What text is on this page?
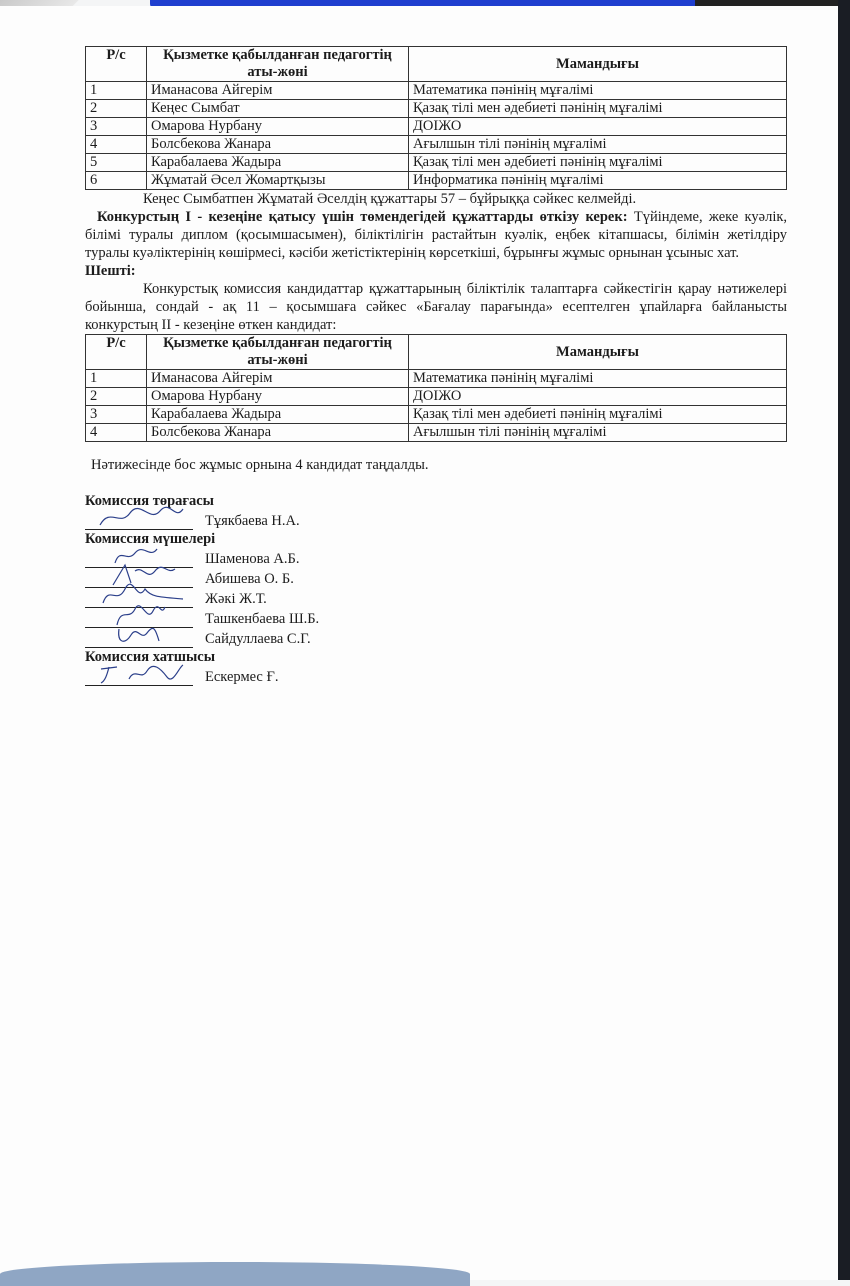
Р/с	Қызметке қабылданған педагогтің аты-жөні	Мамандығы
1	Иманасова Айгерім	Математика пәнінің мұғалімі
2	Кеңес Сымбат	Қазақ тілі мен әдебиеті пәнінің мұғалімі
3	Омарова Нурбану	ДОІЖО
4	Болсбекова Жанара	Ағылшын тілі пәнінің мұғалімі
5	Карабалаева Жадыра	Қазақ тілі мен әдебиеті пәнінің мұғалімі
6	Жұматай Әсел Жомартқызы	Информатика пәнінің мұғалімі

Кеңес Сымбатпен Жұматай Әселдің құжаттары 57 – бұйрыққа сәйкес келмейді.

Конкурстың І - кезеңіне қатысу үшін төмендегідей құжаттарды өткізу керек: Түйіндеме, жеке куәлік, білімі туралы диплом (қосымшасымен), біліктілігін растайтын куәлік, еңбек кітапшасы, білімін жетілдіру туралы куәліктерінің көшірмесі, кәсіби жетістіктерінің көрсеткіші, бұрынғы жұмыс орнынан ұсыныс хат.

Шешті:

Конкурстық комиссия кандидаттар құжаттарының біліктілік талаптарға сәйкестігін қарау нәтижелері бойынша, сондай - ақ 11 – қосымшаға сәйкес «Бағалау парағында» есептелген ұпайларға байланысты конкурстың ІІ - кезеңіне өткен кандидат:

Р/с	Қызметке қабылданған педагогтің аты-жөні	Мамандығы
1	Иманасова Айгерім	Математика пәнінің мұғалімі
2	Омарова Нурбану	ДОІЖО
3	Карабалаева Жадыра	Қазақ тілі мен әдебиеті пәнінің мұғалімі
4	Болсбекова Жанара	Ағылшын тілі пәнінің мұғалімі

Нәтижесінде бос жұмыс орнына 4 кандидат таңдалды.

Комиссия төрағасы
Тұякбаева Н.А.
Комиссия мүшелері
Шаменова А.Б.
Абишева О. Б.
Жәкі Ж.Т.
Ташкенбаева Ш.Б.
Сайдуллаева С.Г.
Комиссия хатшысы
Ескермес Ғ.
